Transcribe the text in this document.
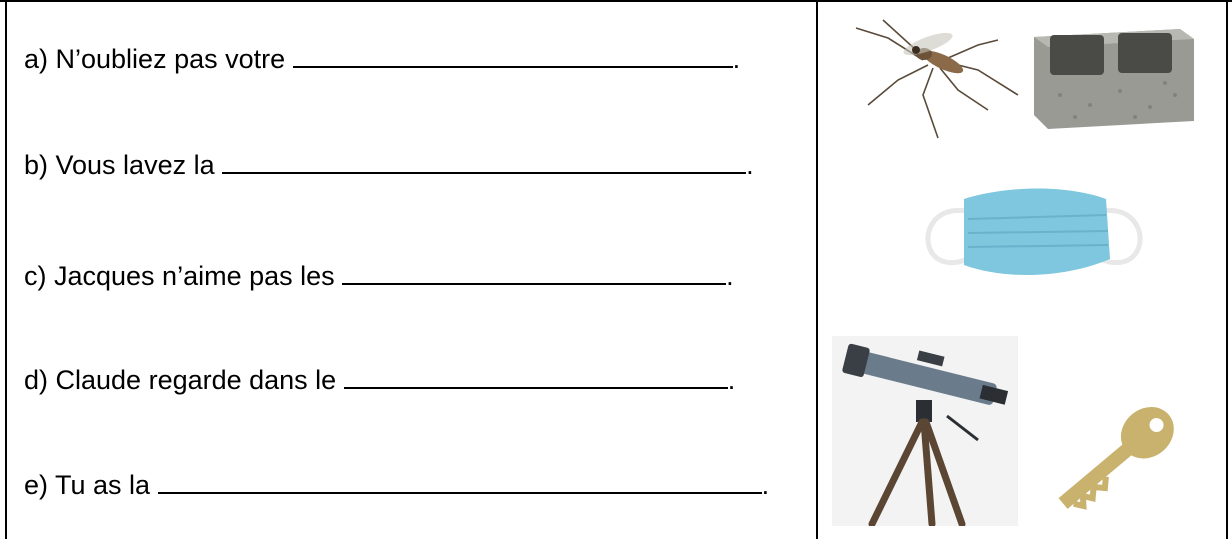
a) N’oubliez pas votre	.
b) Vous lavez la	.
c) Jacques n’aime pas les	.
d) Claude regarde dans le	.
e) Tu as la	.
